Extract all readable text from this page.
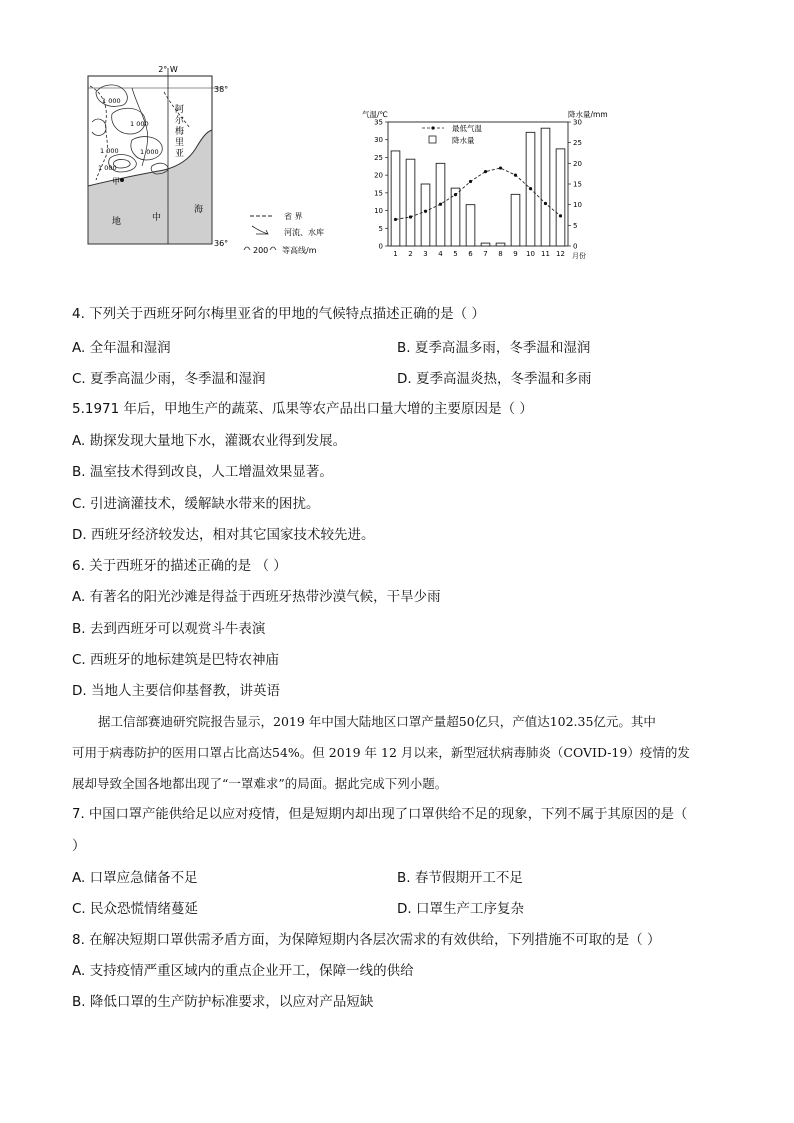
2° W
38°
36°
阿
尔
梅
里
亚
1 000
1 000
1 000	1 000
1 000
甲
地	中
海
省 界
河流、水库
200 等高线/m
气温/℃	降水量/mm
0
5
10
15
20
25
30
35
0
5
10
15
20
25
30
1 2 3 4 5 6 7 8 9 10 11 12 月份
最低气温
降水量
4. 下列关于西班牙阿尔梅里亚省的甲地的气候特点描述正确的是（ ）
A. 全年温和湿润	B. 夏季高温多雨，冬季温和湿润
C. 夏季高温少雨，冬季温和湿润	D. 夏季高温炎热，冬季温和多雨
5.1971 年后，甲地生产的蔬菜、瓜果等农产品出口量大增的主要原因是（ ）
A. 勘探发现大量地下水，灌溉农业得到发展。
B. 温室技术得到改良，人工增温效果显著。
C. 引进滴灌技术，缓解缺水带来的困扰。
D. 西班牙经济较发达，相对其它国家技术较先进。
6. 关于西班牙的描述正确的是 （ ）
A. 有著名的阳光沙滩是得益于西班牙热带沙漠气候，干旱少雨
B. 去到西班牙可以观赏斗牛表演
C. 西班牙的地标建筑是巴特农神庙
D. 当地人主要信仰基督教，讲英语
据工信部赛迪研究院报告显示，2019 年中国大陆地区口罩产量超50亿只，产值达102.35亿元。其中
可用于病毒防护的医用口罩占比高达54%。但 2019 年 12 月以来，新型冠状病毒肺炎（COVID-19）疫情的发
展却导致全国各地都出现了“一罩难求”的局面。据此完成下列小题。
7. 中国口罩产能供给足以应对疫情，但是短期内却出现了口罩供给不足的现象，下列不属于其原因的是（
）
A. 口罩应急储备不足	B. 春节假期开工不足
C. 民众恐慌情绪蔓延	D. 口罩生产工序复杂
8. 在解决短期口罩供需矛盾方面，为保障短期内各层次需求的有效供给，下列措施不可取的是（ ）
A. 支持疫情严重区域内的重点企业开工，保障一线的供给
B. 降低口罩的生产防护标准要求，以应对产品短缺
